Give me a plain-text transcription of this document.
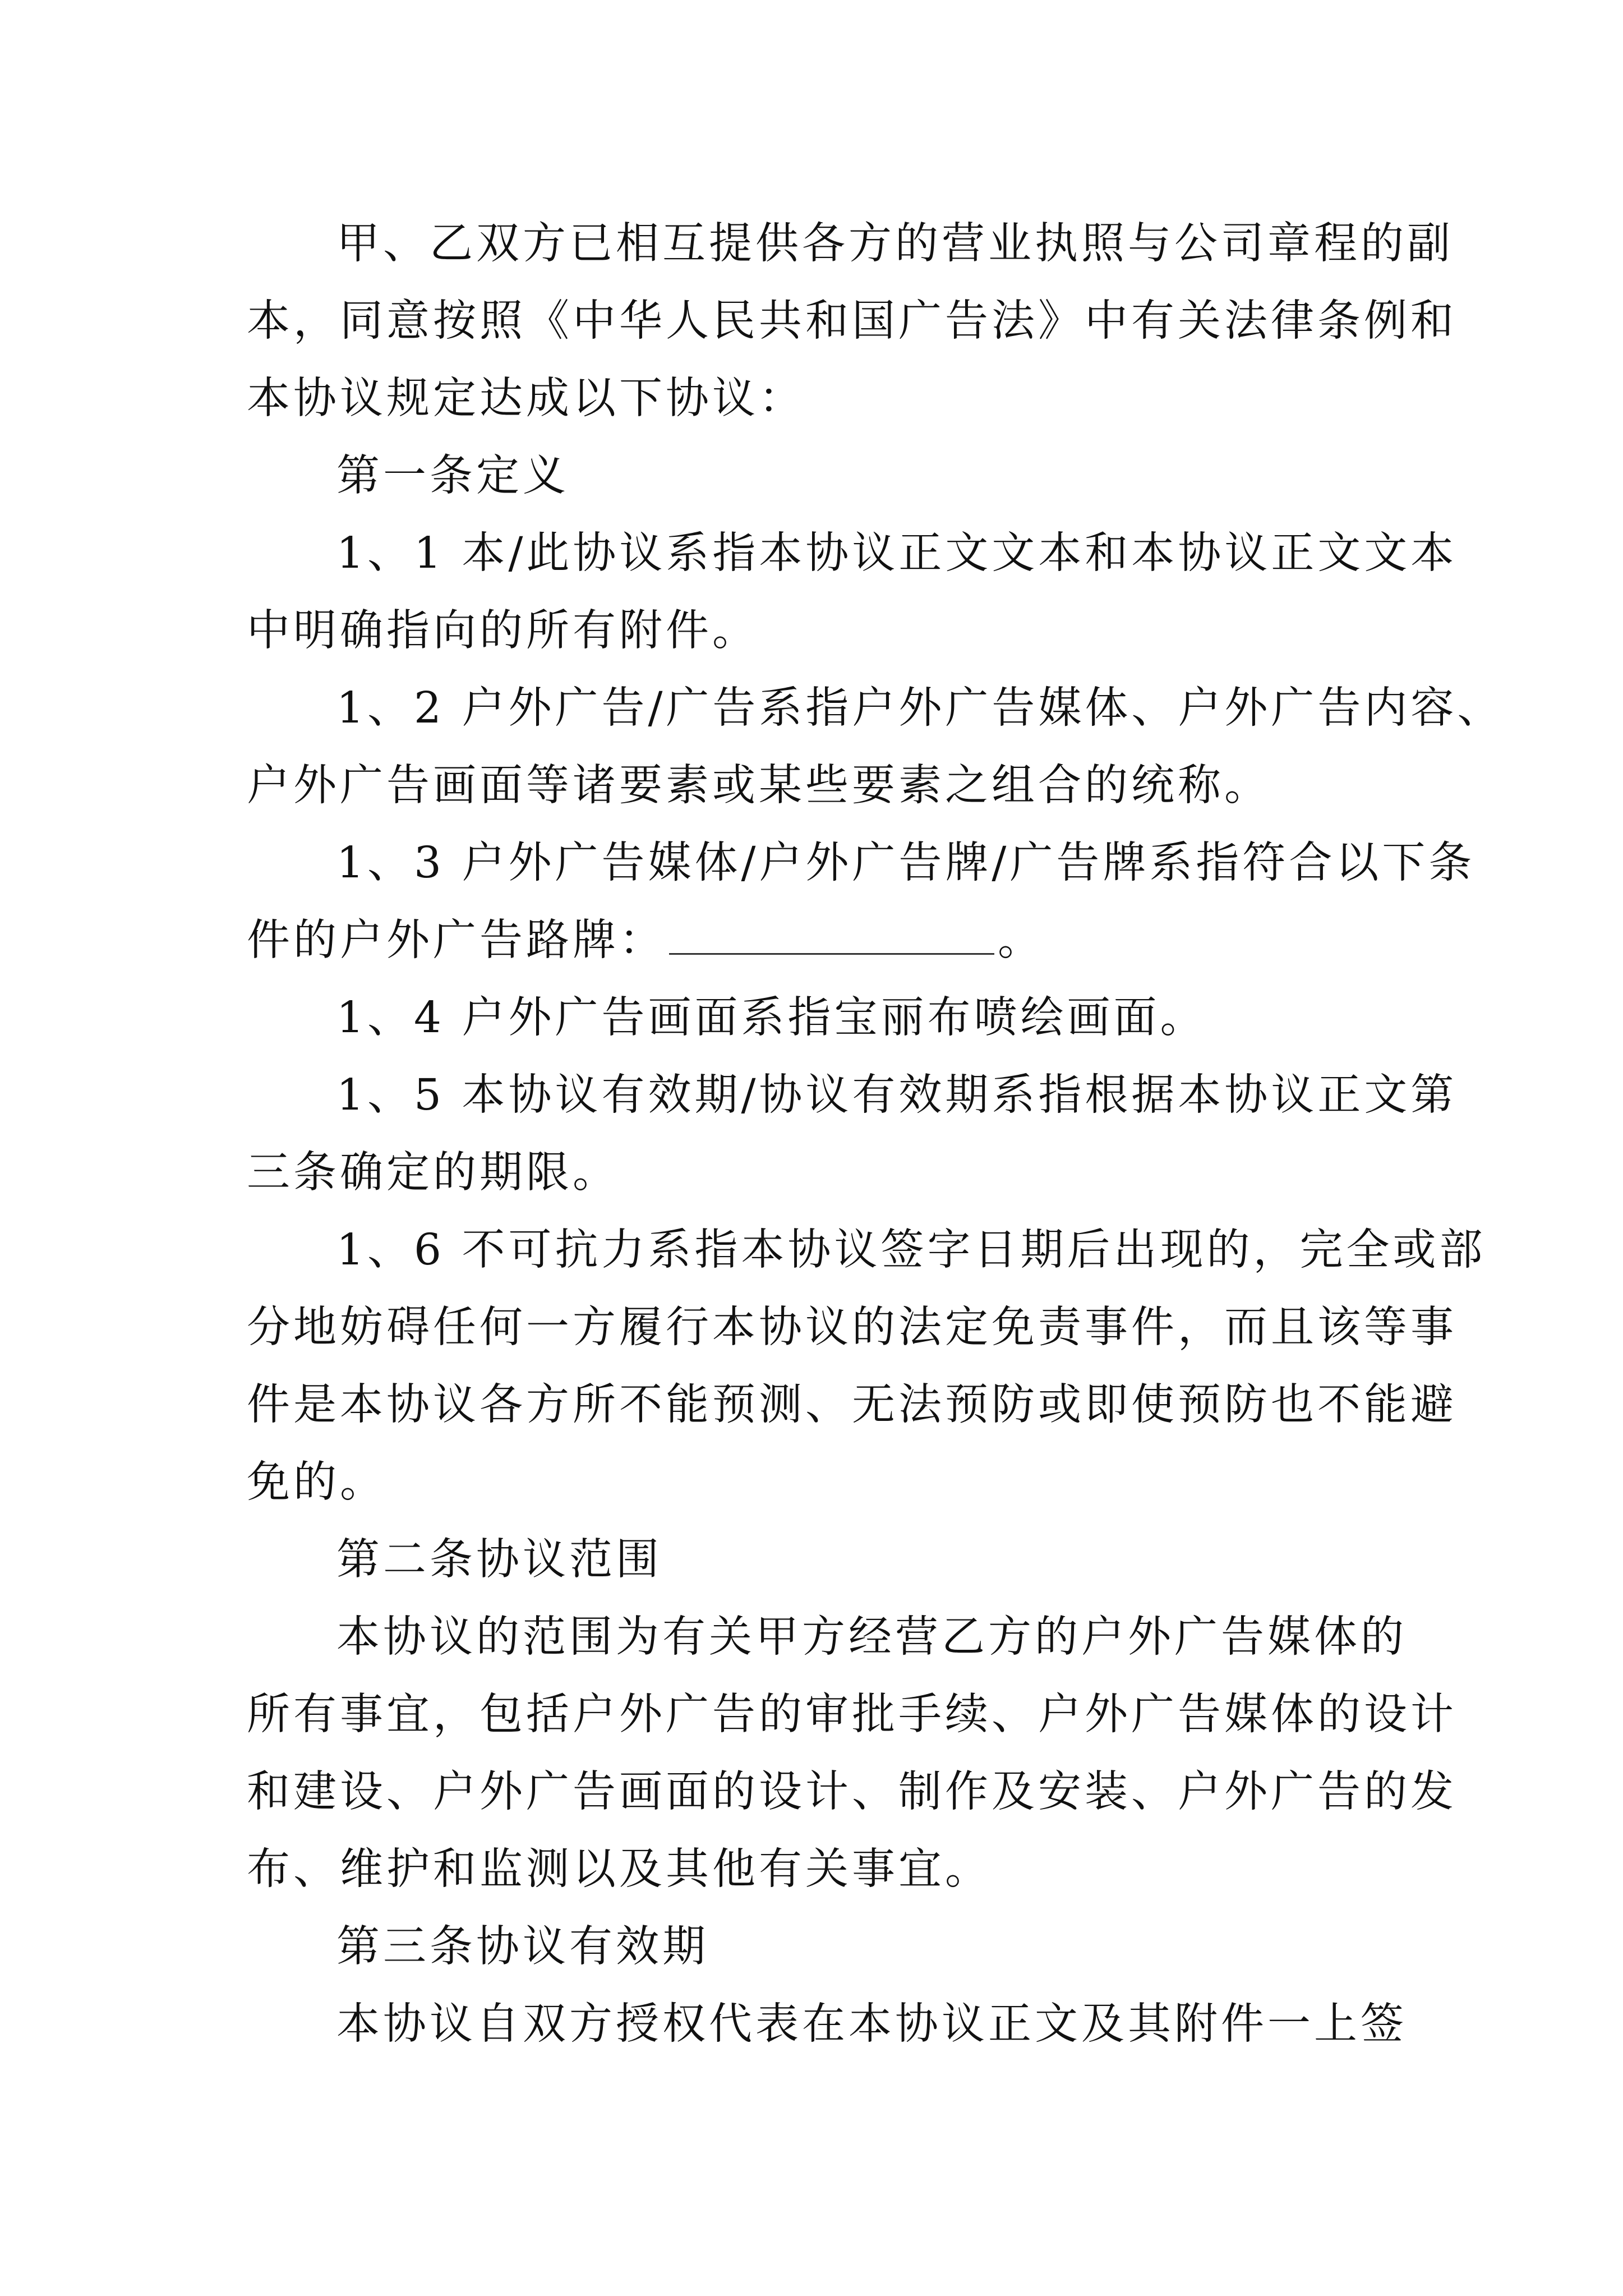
甲、乙双方已相互提供各方的营业执照与公司章程的副
本，同意按照《中华人民共和国广告法》中有关法律条例和
本协议规定达成以下协议：
第一条定义
1、1 本/此协议系指本协议正文文本和本协议正文文本
中明确指向的所有附件。
1、2 户外广告/广告系指户外广告媒体、户外广告内容、
户外广告画面等诸要素或某些要素之组合的统称。
1、3 户外广告媒体/户外广告牌/广告牌系指符合以下条
件的户外广告路牌：	。
1、4 户外广告画面系指宝丽布喷绘画面。
1、5 本协议有效期/协议有效期系指根据本协议正文第
三条确定的期限。
1、6 不可抗力系指本协议签字日期后出现的，完全或部
分地妨碍任何一方履行本协议的法定免责事件，而且该等事
件是本协议各方所不能预测、无法预防或即使预防也不能避
免的。
第二条协议范围
本协议的范围为有关甲方经营乙方的户外广告媒体的
所有事宜，包括户外广告的审批手续、户外广告媒体的设计
和建设、户外广告画面的设计、制作及安装、户外广告的发
布、维护和监测以及其他有关事宜。
第三条协议有效期
本协议自双方授权代表在本协议正文及其附件一上签
